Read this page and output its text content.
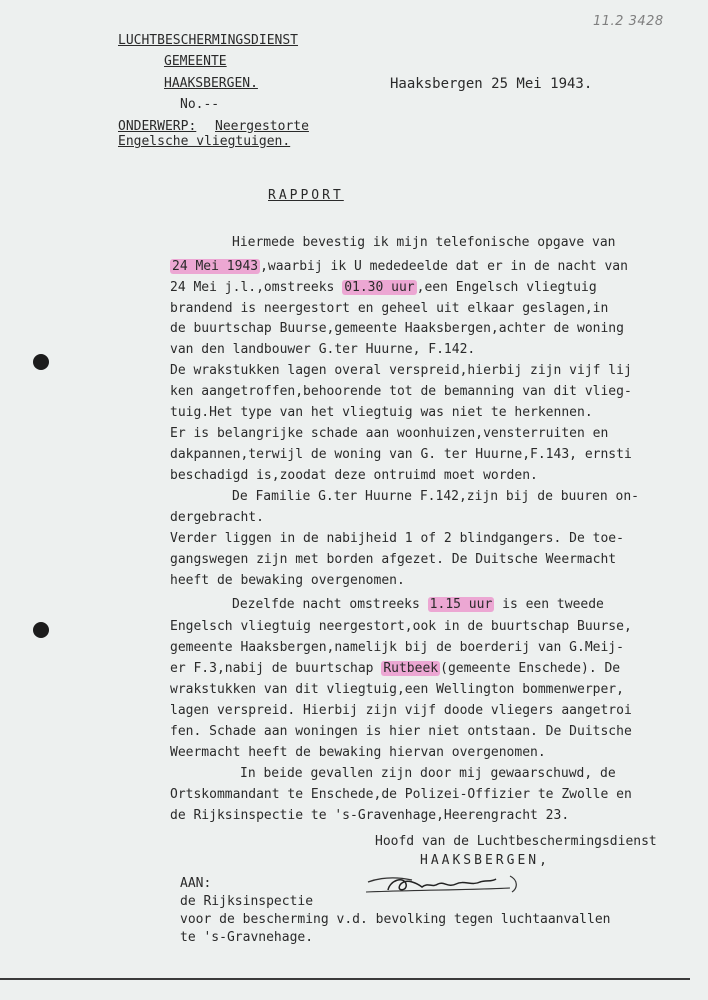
11.2 3428
LUCHTBESCHERMINGSDIENST
GEMEENTE
HAAKSBERGEN.	Haaksbergen 25 Mei 1943.
No.--
ONDERWERP: Neergestorte
Engelsche vliegtuigen.
RAPPORT
Hiermede bevestig ik mijn telefonische opgave van
24 Mei 1943 ,waarbij ik U mededeelde dat er in de nacht van
24 Mei j.l.,omstreeks 01.30 uur ,een Engelsch vliegtuig
brandend is neergestort en geheel uit elkaar geslagen,in
de buurtschap Buurse,gemeente Haaksbergen,achter de woning
van den landbouwer G.ter Huurne, F.142.
De wrakstukken lagen overal verspreid,hierbij zijn vijf lij
ken aangetroffen,behoorende tot de bemanning van dit vlieg-
tuig.Het type van het vliegtuig was niet te herkennen.
Er is belangrijke schade aan woonhuizen,vensterruiten en
dakpannen,terwijl de woning van G. ter Huurne,F.143, ernsti
beschadigd is,zoodat deze ontruimd moet worden.
De Familie G.ter Huurne F.142,zijn bij de buuren on-
dergebracht.
Verder liggen in de nabijheid 1 of 2 blindgangers. De toe-
gangswegen zijn met borden afgezet. De Duitsche Weermacht
heeft de bewaking overgenomen.
Dezelfde nacht omstreeks 1.15 uur is een tweede
Engelsch vliegtuig neergestort,ook in de buurtschap Buurse,
gemeente Haaksbergen,namelijk bij de boerderij van G.Meij-
er F.3,nabij de buurtschap Rutbeek (gemeente Enschede). De
wrakstukken van dit vliegtuig,een Wellington bommenwerper,
lagen verspreid. Hierbij zijn vijf doode vliegers aangetroi
fen. Schade aan woningen is hier niet ontstaan. De Duitsche
Weermacht heeft de bewaking hiervan overgenomen.
In beide gevallen zijn door mij gewaarschuwd, de
Ortskommandant te Enschede,de Polizei-Offizier te Zwolle en
de Rijksinspectie te 's-Gravenhage,Heerengracht 23.
Hoofd van de Luchtbeschermingsdienst
HAAKSBERGEN,
AAN:
de Rijksinspectie
voor de bescherming v.d. bevolking tegen luchtaanvallen
te 's-Gravnehage.
